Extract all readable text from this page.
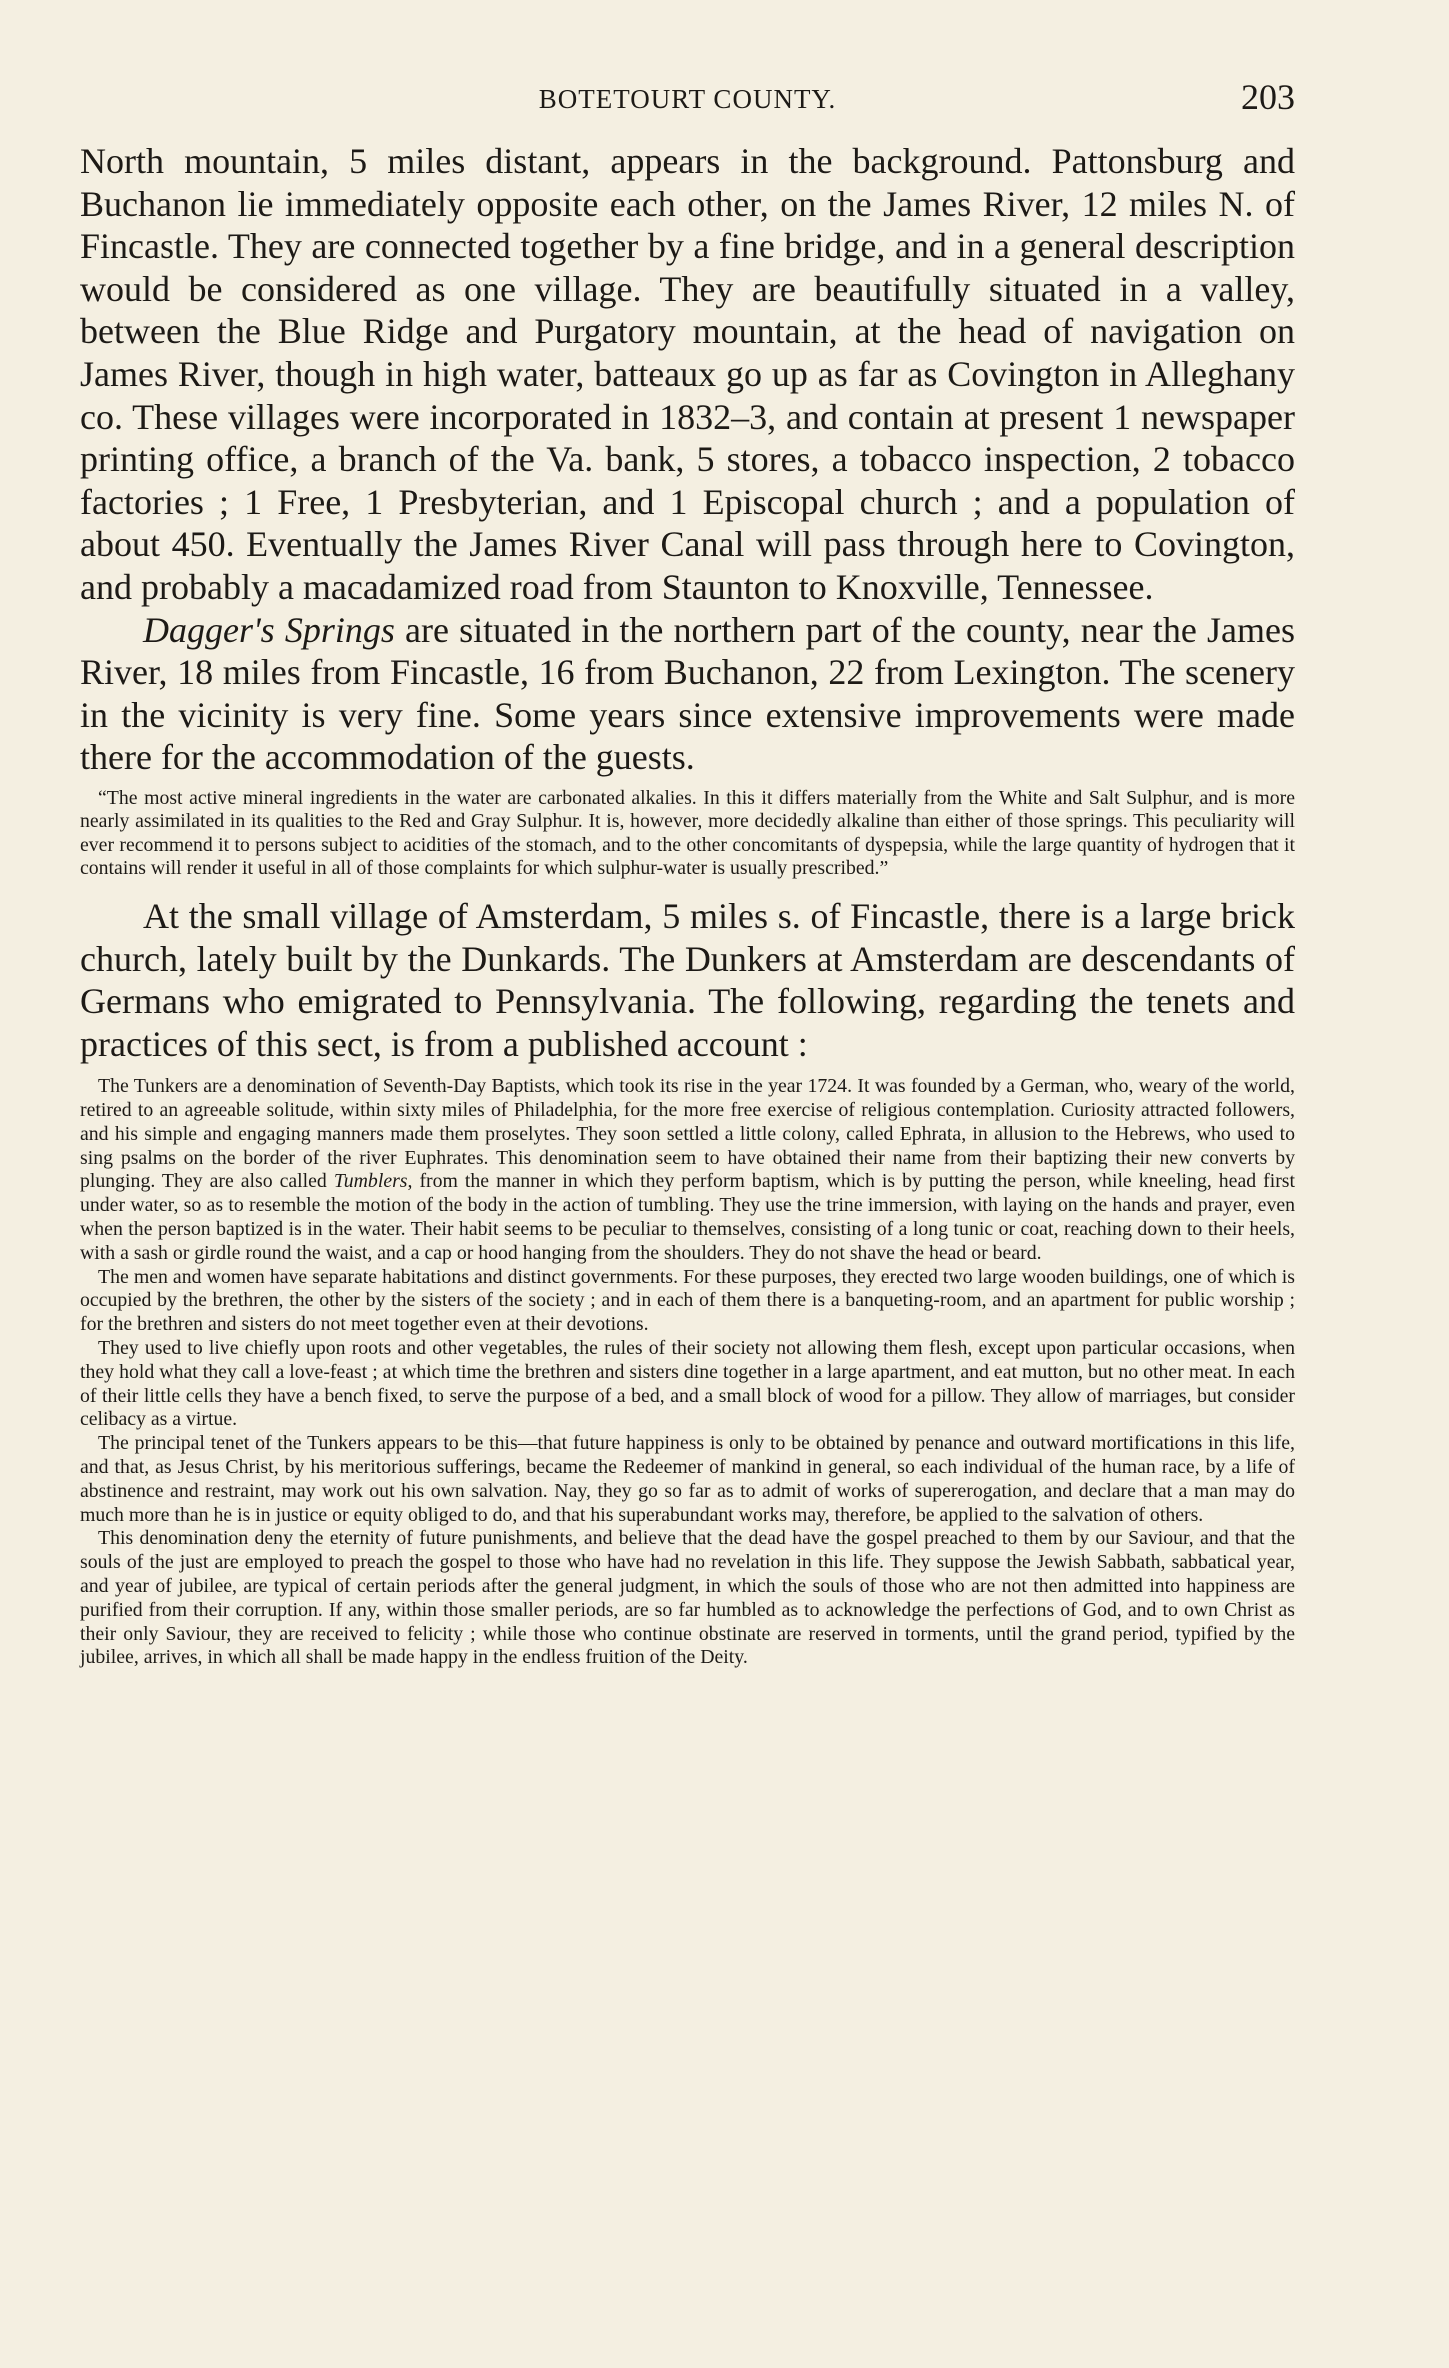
BOTETOURT COUNTY.	203

North mountain, 5 miles distant, appears in the background. Pattonsburg and Buchanon lie immediately opposite each other, on the James River, 12 miles N. of Fincastle. They are connected together by a fine bridge, and in a general description would be considered as one village. They are beautifully situated in a valley, between the Blue Ridge and Purgatory mountain, at the head of navigation on James River, though in high water, batteaux go up as far as Covington in Alleghany co. These villages were incorporated in 1832–3, and contain at present 1 newspaper printing office, a branch of the Va. bank, 5 stores, a tobacco inspection, 2 tobacco factories ; 1 Free, 1 Presbyterian, and 1 Episcopal church ; and a population of about 450. Eventually the James River Canal will pass through here to Covington, and probably a macadamized road from Staunton to Knoxville, Tennessee.

Dagger's Springs are situated in the northern part of the county, near the James River, 18 miles from Fincastle, 16 from Buchanon, 22 from Lexington. The scenery in the vicinity is very fine. Some years since extensive improvements were made there for the accommodation of the guests.

“The most active mineral ingredients in the water are carbonated alkalies. In this it differs materially from the White and Salt Sulphur, and is more nearly assimilated in its qualities to the Red and Gray Sulphur. It is, however, more decidedly alkaline than either of those springs. This peculiarity will ever recommend it to persons subject to acidities of the stomach, and to the other concomitants of dyspepsia, while the large quantity of hydrogen that it contains will render it useful in all of those complaints for which sulphur-water is usually prescribed.”

At the small village of Amsterdam, 5 miles s. of Fincastle, there is a large brick church, lately built by the Dunkards. The Dunkers at Amsterdam are descendants of Germans who emigrated to Pennsylvania. The following, regarding the tenets and practices of this sect, is from a published account :

The Tunkers are a denomination of Seventh-Day Baptists, which took its rise in the year 1724. It was founded by a German, who, weary of the world, retired to an agreeable solitude, within sixty miles of Philadelphia, for the more free exercise of religious contemplation. Curiosity attracted followers, and his simple and engaging manners made them proselytes. They soon settled a little colony, called Ephrata, in allusion to the Hebrews, who used to sing psalms on the border of the river Euphrates. This denomination seem to have obtained their name from their baptizing their new converts by plunging. They are also called Tumblers, from the manner in which they perform baptism, which is by putting the person, while kneeling, head first under water, so as to resemble the motion of the body in the action of tumbling. They use the trine immersion, with laying on the hands and prayer, even when the person baptized is in the water. Their habit seems to be peculiar to themselves, consisting of a long tunic or coat, reaching down to their heels, with a sash or girdle round the waist, and a cap or hood hanging from the shoulders. They do not shave the head or beard.

The men and women have separate habitations and distinct governments. For these purposes, they erected two large wooden buildings, one of which is occupied by the brethren, the other by the sisters of the society ; and in each of them there is a banqueting-room, and an apartment for public worship ; for the brethren and sisters do not meet together even at their devotions.

They used to live chiefly upon roots and other vegetables, the rules of their society not allowing them flesh, except upon particular occasions, when they hold what they call a love-feast ; at which time the brethren and sisters dine together in a large apartment, and eat mutton, but no other meat. In each of their little cells they have a bench fixed, to serve the purpose of a bed, and a small block of wood for a pillow. They allow of marriages, but consider celibacy as a virtue.

The principal tenet of the Tunkers appears to be this—that future happiness is only to be obtained by penance and outward mortifications in this life, and that, as Jesus Christ, by his meritorious sufferings, became the Redeemer of mankind in general, so each individual of the human race, by a life of abstinence and restraint, may work out his own salvation. Nay, they go so far as to admit of works of supererogation, and declare that a man may do much more than he is in justice or equity obliged to do, and that his superabundant works may, therefore, be applied to the salvation of others.

This denomination deny the eternity of future punishments, and believe that the dead have the gospel preached to them by our Saviour, and that the souls of the just are employed to preach the gospel to those who have had no revelation in this life. They suppose the Jewish Sabbath, sabbatical year, and year of jubilee, are typical of certain periods after the general judgment, in which the souls of those who are not then admitted into happiness are purified from their corruption. If any, within those smaller periods, are so far humbled as to acknowledge the perfections of God, and to own Christ as their only Saviour, they are received to felicity ; while those who continue obstinate are reserved in torments, until the grand period, typified by the jubilee, arrives, in which all shall be made happy in the endless fruition of the Deity.
